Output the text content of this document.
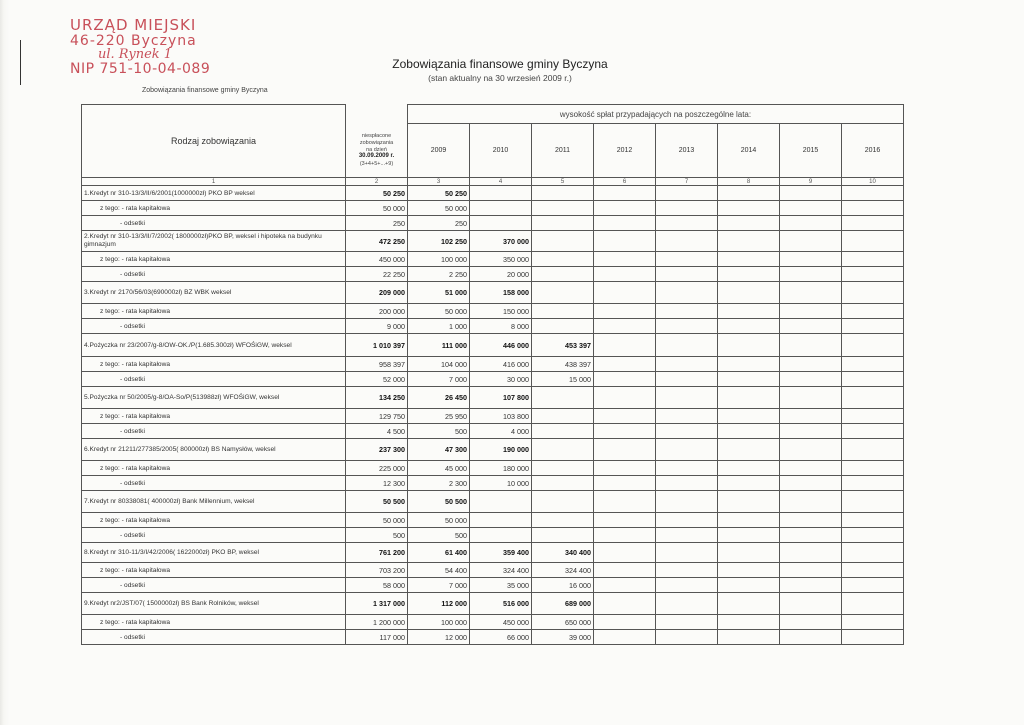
URZĄD MIEJSKI
46-220 Byczyna
ul. Rynek 1
NIP 751-10-04-089
Zobowiązania finansowe gminy Byczyna
Zobowiązania finansowe gminy Byczyna
(stan aktualny na 30 wrzesień 2009 r.)
Rodzaj zobowiązania		wysokość spłat przypadających na poszczególne lata:							

	niespłacone
zobowiązania
na dzień
30.09.2009 r.
(3+4+5+...+9)	2009	2010	2011	2012	2013	2014	2015	2016
1	2	3	4	5	6	7	8	9	10
1.Kredyt nr 310-13/3/II/6/2001(1000000zł) PKO BP weksel	50 250	50 250							
z tego: - rata kapitałowa	50 000	50 000							
- odsetki	250	250							
2.Kredyt nr 310-13/3/II/7/2002( 1800000zł)PKO BP, weksel i hipoteka na budynku gimnazjum	472 250	102 250	370 000						
z tego: - rata kapitałowa	450 000	100 000	350 000						
- odsetki	22 250	2 250	20 000						
3.Kredyt nr 2170/56/03(690000zł) BZ WBK weksel	209 000	51 000	158 000						
z tego: - rata kapitałowa	200 000	50 000	150 000						
- odsetki	9 000	1 000	8 000						
4.Pożyczka nr 23/2007/g-8/OW-OK./P(1.685.300zł) WFOŚiGW, weksel	1 010 397	111 000	446 000	453 397					
z tego: - rata kapitałowa	958 397	104 000	416 000	438 397					
- odsetki	52 000	7 000	30 000	15 000					
5.Pożyczka nr 50/2005/g-8/OA-So/P(513988zł) WFOŚiGW, weksel	134 250	26 450	107 800						
z tego: - rata kapitałowa	129 750	25 950	103 800						
- odsetki	4 500	500	4 000						
6.Kredyt nr 21211/277385/2005( 800000zł) BS Namysłów, weksel	237 300	47 300	190 000						
z tego: - rata kapitałowa	225 000	45 000	180 000						
- odsetki	12 300	2 300	10 000						
7.Kredyt nr 80338081( 400000zł) Bank Millennium, weksel	50 500	50 500							
z tego: - rata kapitałowa	50 000	50 000							
- odsetki	500	500							
8.Kredyt nr 310-11/3/I/42/2006( 1622000zł) PKO BP, weksel	761 200	61 400	359 400	340 400					
z tego: - rata kapitałowa	703 200	54 400	324 400	324 400					
- odsetki	58 000	7 000	35 000	16 000					
9.Kredyt nr2/JST/07( 1500000zł) BS Bank Rolników, weksel	1 317 000	112 000	516 000	689 000					
z tego: - rata kapitałowa	1 200 000	100 000	450 000	650 000					
- odsetki	117 000	12 000	66 000	39 000					
